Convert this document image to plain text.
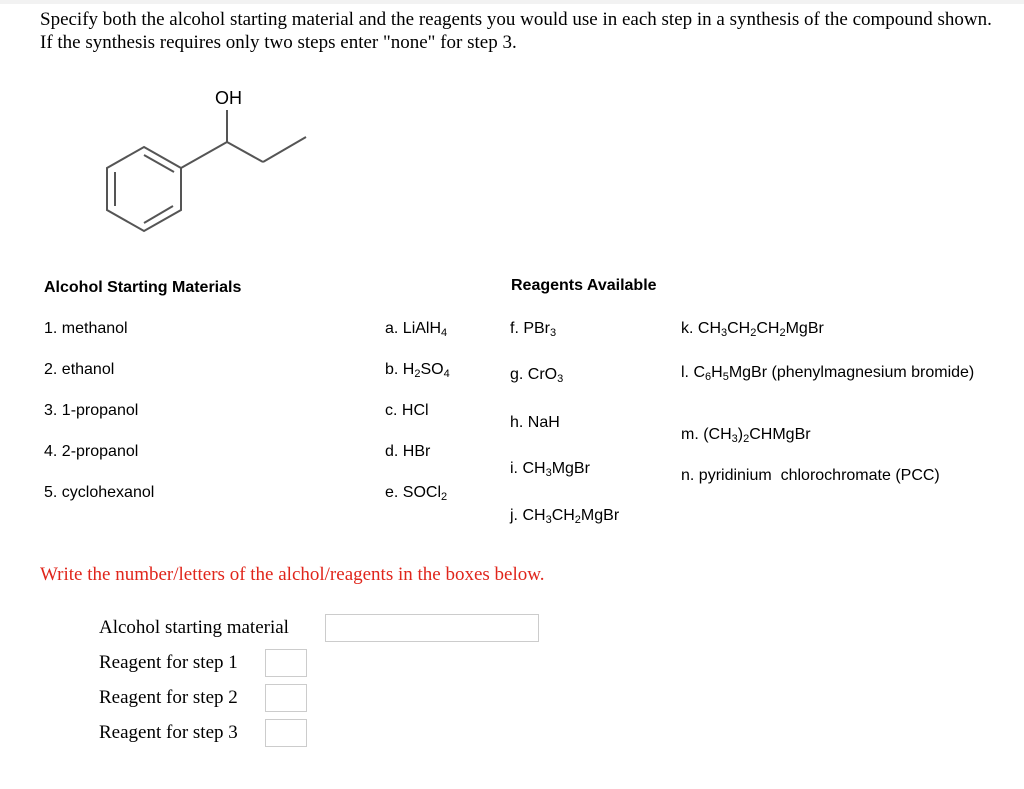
Specify both the alcohol starting material and the reagents you would use in each step in a synthesis of the compound shown. If the synthesis requires only two steps enter "none" for step 3.
OH
Alcohol Starting Materials
1. methanol
2. ethanol
3. 1-propanol
4. 2-propanol
5. cyclohexanol
Reagents Available
a. LiAlH$_4$
b. $H_2SO_4$
c. HCl
d. HBr
e. SOCl$_2$
f. PBr$_3$
g. CrO$_3$
h. NaH
i. $CH_3MgBr$
j. $CH_3CH_2MgBr$
k. $CH_3CH_2CH_2MgBr$
l. $C_6H_5MgBr$ (phenylmagnesium bromide)
m. $(CH_3)_2CHMgBr$
n. pyridinium  chlorochromate (PCC)
Write the number/letters of the alchol/reagents in the boxes below.
Alcohol starting material
Reagent for step 1
Reagent for step 2
Reagent for step 3
